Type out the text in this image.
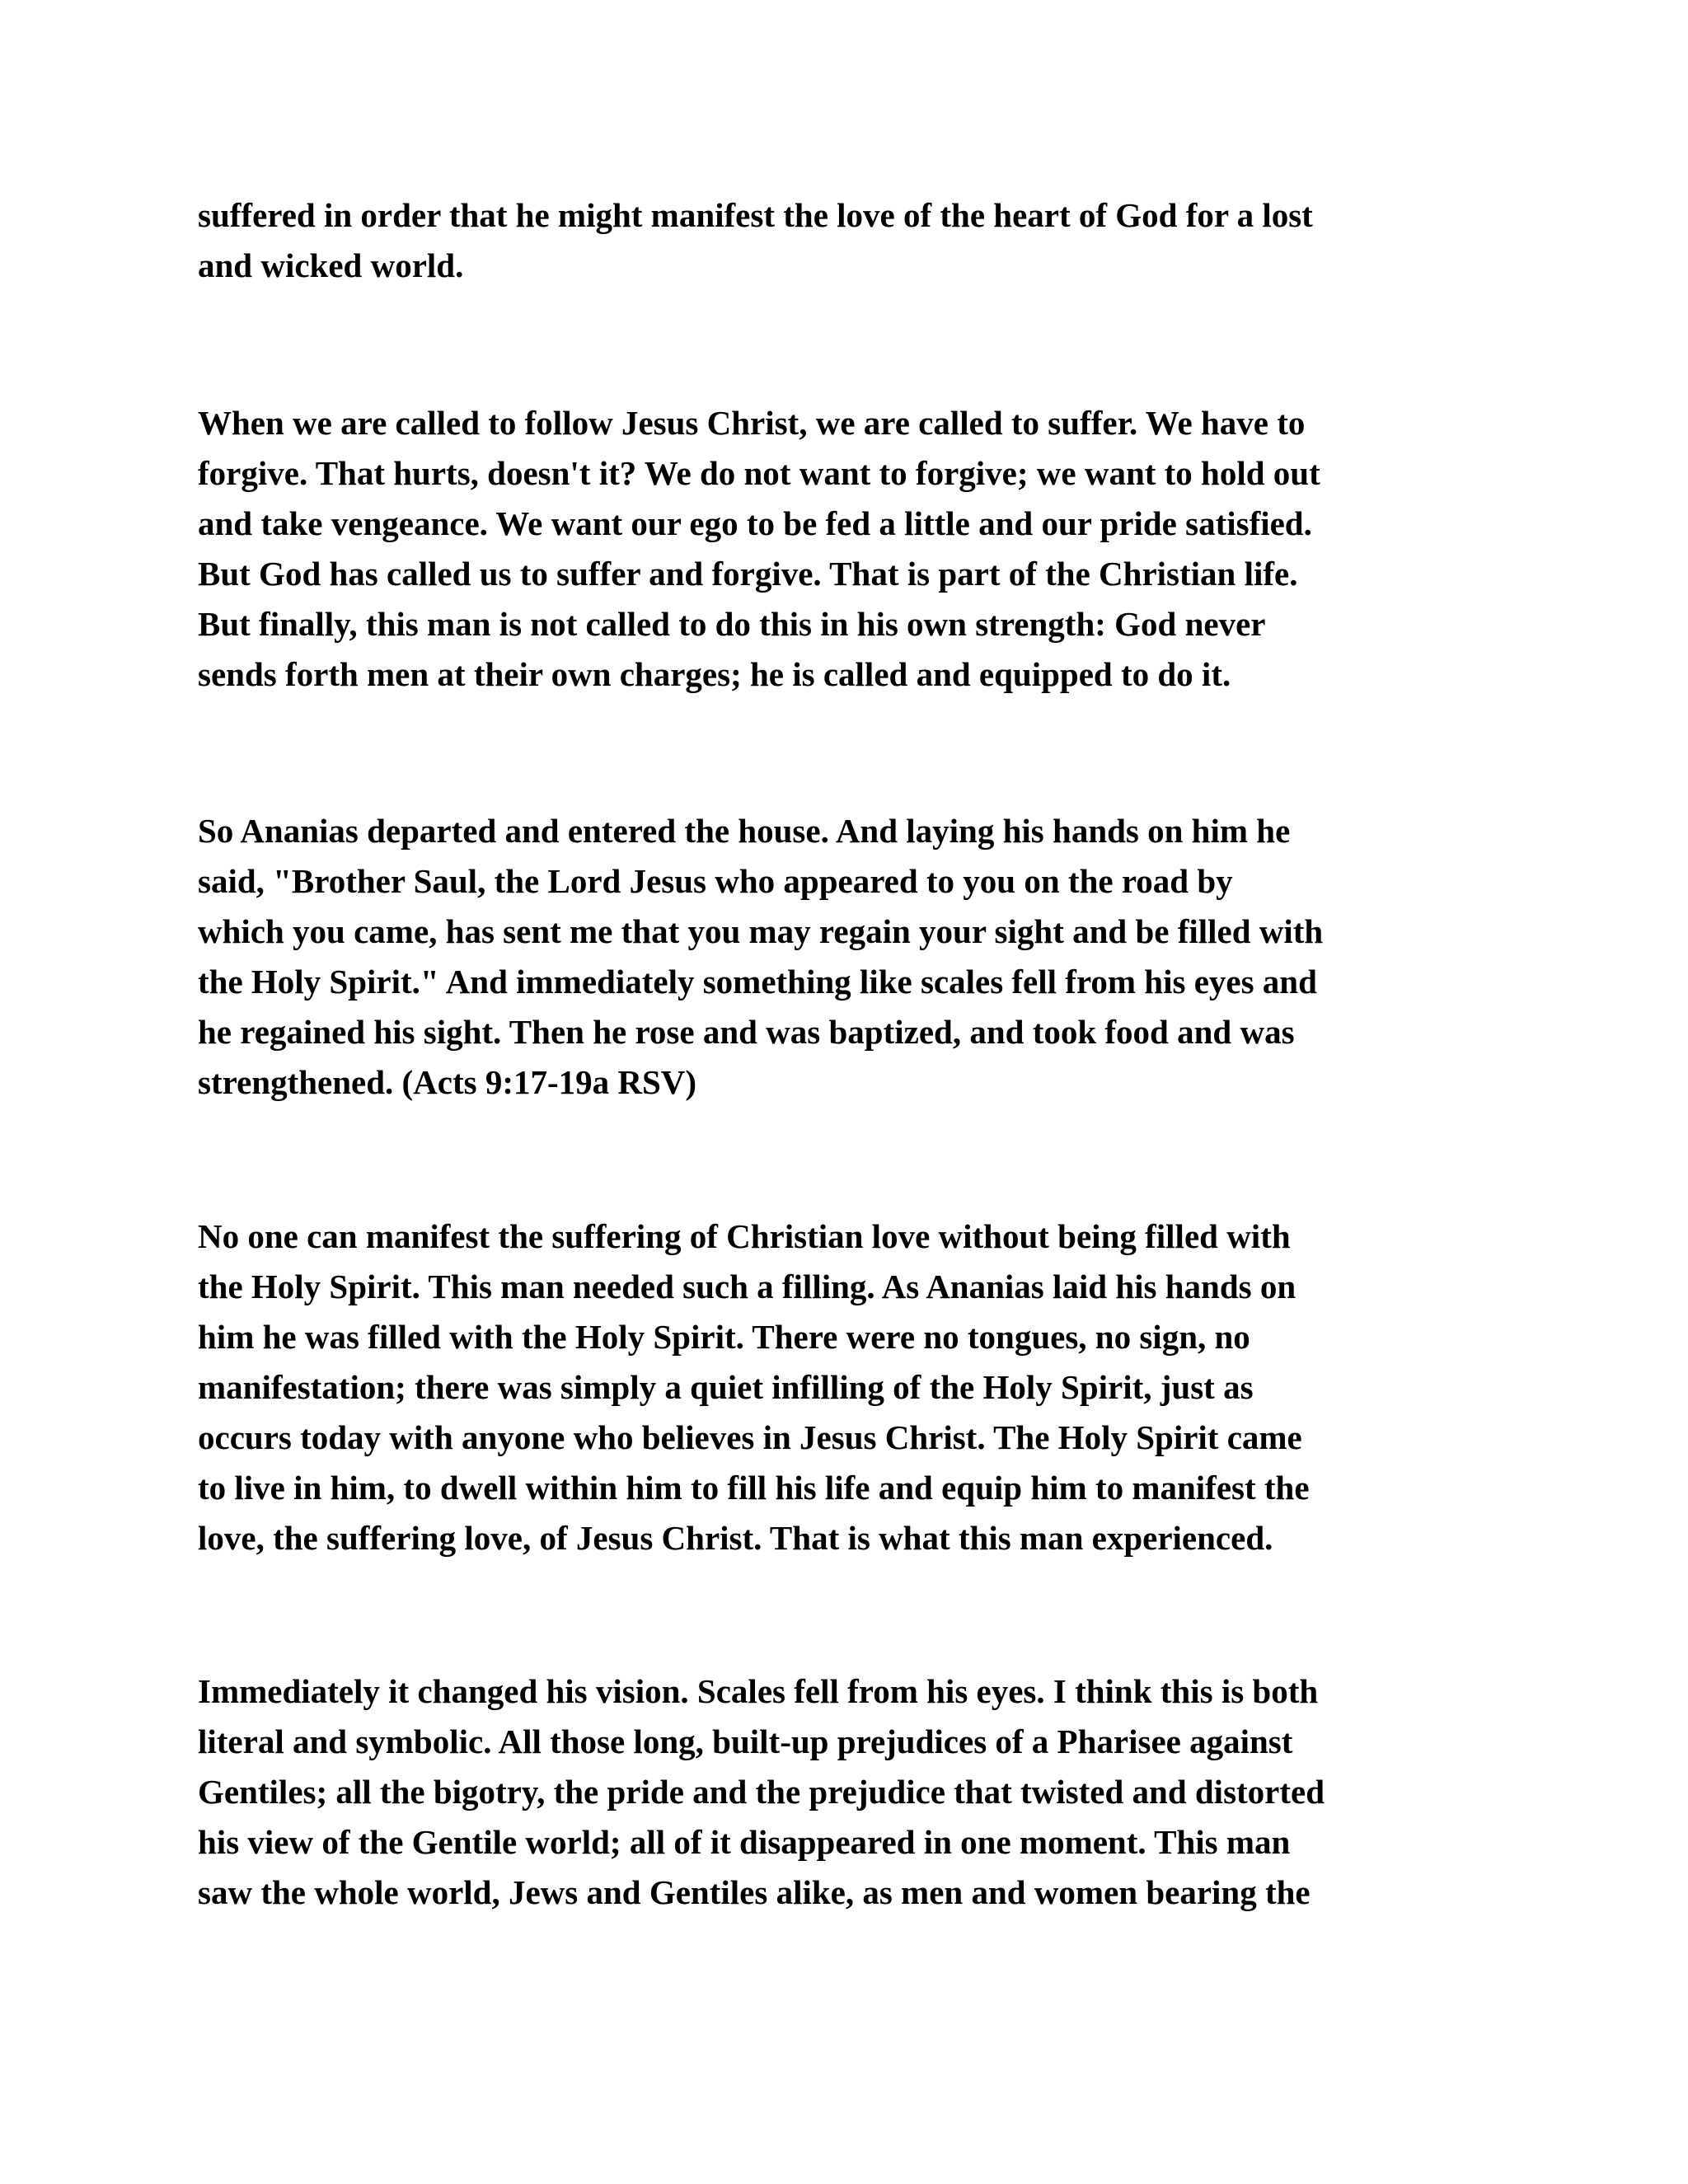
suffered in order that he might manifest the love of the heart of God for a lost
and wicked world.
When we are called to follow Jesus Christ, we are called to suffer. We have to
forgive. That hurts, doesn't it? We do not want to forgive; we want to hold out
and take vengeance. We want our ego to be fed a little and our pride satisfied.
But God has called us to suffer and forgive. That is part of the Christian life.
But finally, this man is not called to do this in his own strength: God never
sends forth men at their own charges; he is called and equipped to do it.
So Ananias departed and entered the house. And laying his hands on him he
said, "Brother Saul, the Lord Jesus who appeared to you on the road by
which you came, has sent me that you may regain your sight and be filled with
the Holy Spirit." And immediately something like scales fell from his eyes and
he regained his sight. Then he rose and was baptized, and took food and was
strengthened. (Acts 9:17-19a RSV)
No one can manifest the suffering of Christian love without being filled with
the Holy Spirit. This man needed such a filling. As Ananias laid his hands on
him he was filled with the Holy Spirit. There were no tongues, no sign, no
manifestation; there was simply a quiet infilling of the Holy Spirit, just as
occurs today with anyone who believes in Jesus Christ. The Holy Spirit came
to live in him, to dwell within him to fill his life and equip him to manifest the
love, the suffering love, of Jesus Christ. That is what this man experienced.
Immediately it changed his vision. Scales fell from his eyes. I think this is both
literal and symbolic. All those long, built-up prejudices of a Pharisee against
Gentiles; all the bigotry, the pride and the prejudice that twisted and distorted
his view of the Gentile world; all of it disappeared in one moment. This man
saw the whole world, Jews and Gentiles alike, as men and women bearing the
